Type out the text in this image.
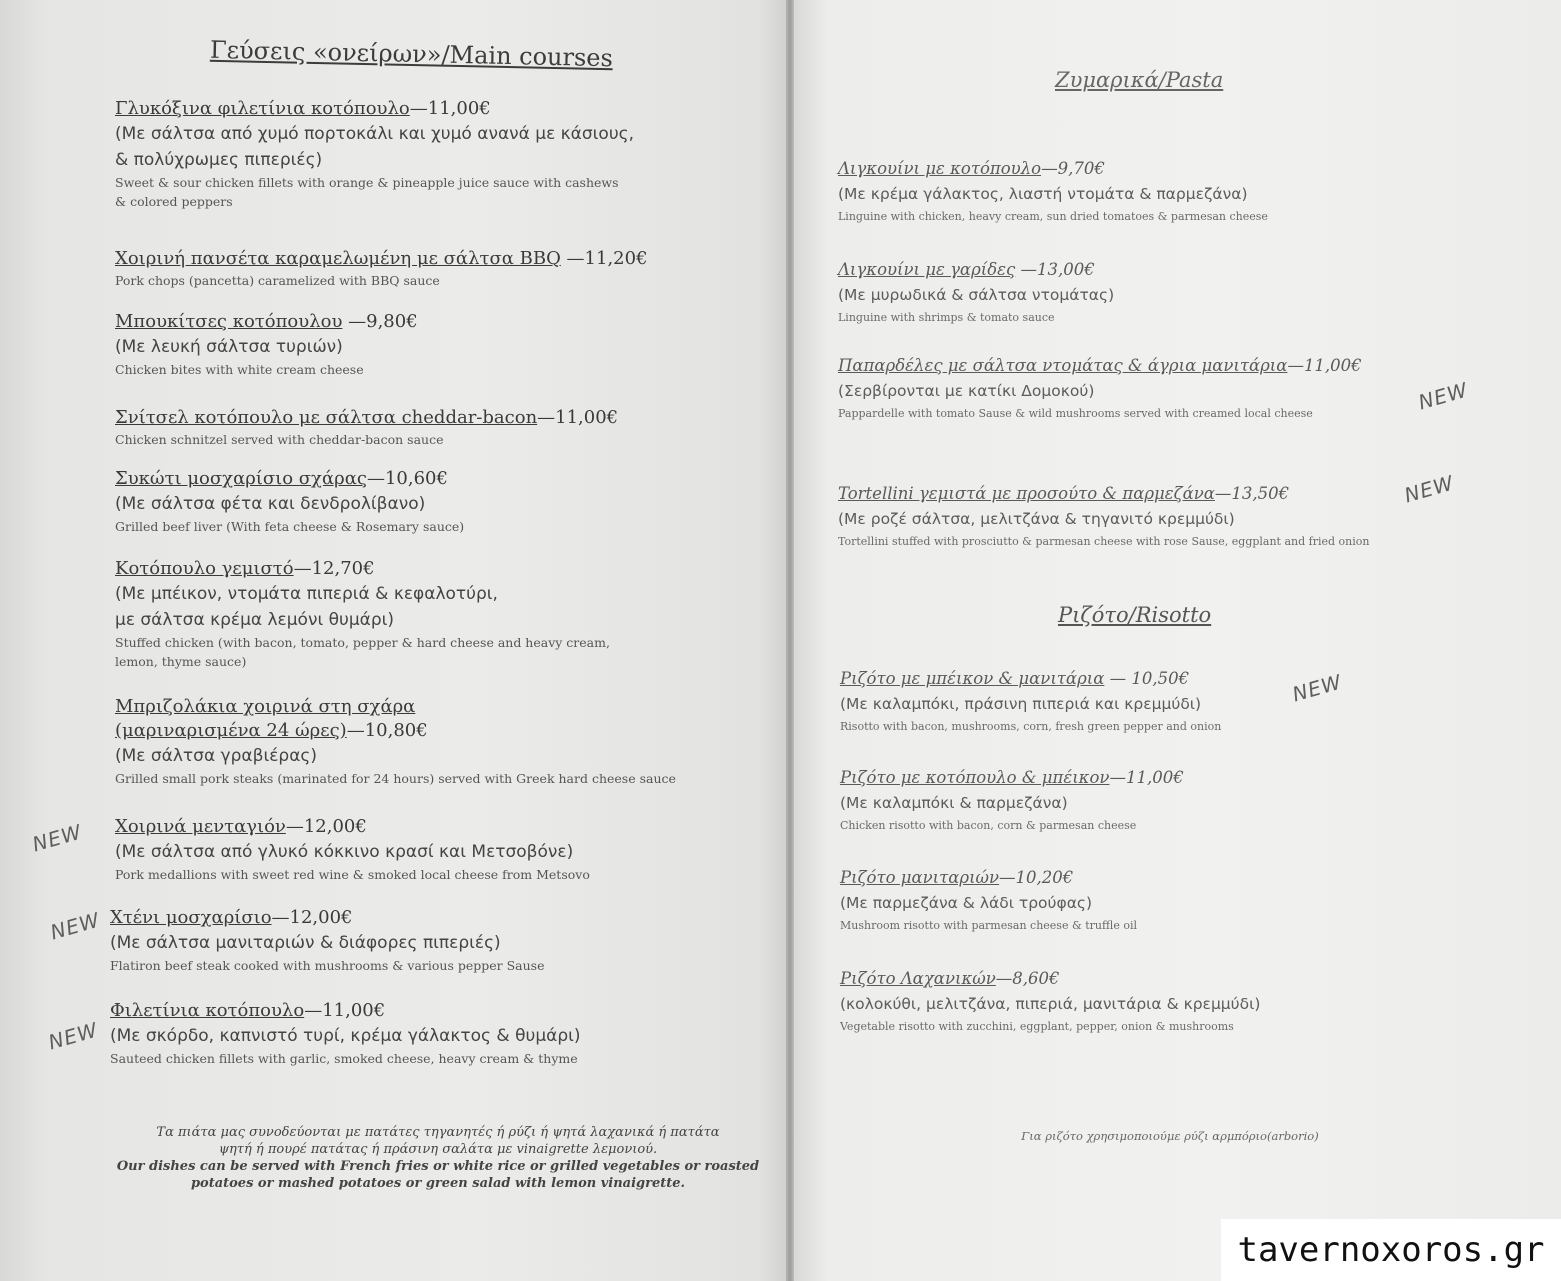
Γεύσεις «ονείρων»/Main courses
Γλυκόξινα φιλετίνια κοτόπουλο—11,00€
(Με σάλτσα από χυμό πορτοκάλι και χυμό ανανά με κάσιους,
& πολύχρωμες πιπεριές)
Sweet & sour chicken fillets with orange & pineapple juice sauce with cashews
& colored peppers
Χοιρινή πανσέτα καραμελωμένη με σάλτσα BBQ —11,20€
Pork chops (pancetta) caramelized with BBQ sauce
Μπουκίτσες κοτόπουλου —9,80€
(Με λευκή σάλτσα τυριών)
Chicken bites with white cream cheese
Σνίτσελ κοτόπουλο με σάλτσα cheddar-bacon—11,00€
Chicken schnitzel served with cheddar-bacon sauce
Συκώτι μοσχαρίσιο σχάρας—10,60€
(Με σάλτσα φέτα και δενδρολίβανο)
Grilled beef liver (With feta cheese & Rosemary sauce)
Κοτόπουλο γεμιστό—12,70€
(Με μπέικον, ντομάτα πιπεριά & κεφαλοτύρι,
με σάλτσα κρέμα λεμόνι θυμάρι)
Stuffed chicken (with bacon, tomato, pepper & hard cheese and heavy cream,
lemon, thyme sauce)
Μπριζολάκια χοιρινά στη σχάρα
(μαριναρισμένα 24 ώρες)—10,80€
(Με σάλτσα γραβιέρας)
Grilled small pork steaks (marinated for 24 hours) served with Greek hard cheese sauce
Χοιρινά μενταγιόν—12,00€
(Με σάλτσα από γλυκό κόκκινο κρασί και Μετσοβόνε)
Pork medallions with sweet red wine & smoked local cheese from Metsovo
Χτένι μοσχαρίσιο—12,00€
(Με σάλτσα μανιταριών & διάφορες πιπεριές)
Flatiron beef steak cooked with mushrooms & various pepper Sause
Φιλετίνια κοτόπουλο—11,00€
(Με σκόρδο, καπνιστό τυρί, κρέμα γάλακτος & θυμάρι)
Sauteed chicken fillets with garlic, smoked cheese, heavy cream & thyme
NEW
NEW
NEW
Τα πιάτα μας συνοδεύονται με πατάτες τηγανητές ή ρύζι ή ψητά λαχανικά ή πατάτα
ψητή ή πουρέ πατάτας ή πράσινη σαλάτα με vinaigrette λεμονιού.
Our dishes can be served with French fries or white rice or grilled vegetables or roasted
potatoes or mashed potatoes or green salad with lemon vinaigrette.
Ζυμαρικά/Pasta
Ριζότο/Risotto
Λιγκουίνι με κοτόπουλο—9,70€
(Με κρέμα γάλακτος, λιαστή ντομάτα & παρμεζάνα)
Linguine with chicken, heavy cream, sun dried tomatoes & parmesan cheese
Λιγκουίνι με γαρίδες —13,00€
(Με μυρωδικά & σάλτσα ντομάτας)
Linguine with shrimps & tomato sauce
Παπαρδέλες με σάλτσα ντομάτας & άγρια μανιτάρια—11,00€
(Σερβίρονται με κατίκι Δομοκού)
Pappardelle with tomato Sause & wild mushrooms served with creamed local cheese
Tortellini γεμιστά με προσούτο & παρμεζάνα—13,50€
(Με ροζέ σάλτσα, μελιτζάνα & τηγανιτό κρεμμύδι)
Tortellini stuffed with prosciutto & parmesan cheese with rose Sause, eggplant and fried onion
Ριζότο με μπέικον & μανιτάρια — 10,50€
(Με καλαμπόκι, πράσινη πιπεριά και κρεμμύδι)
Risotto with bacon, mushrooms, corn, fresh green pepper and onion
Ριζότο με κοτόπουλο & μπέικον—11,00€
(Με καλαμπόκι & παρμεζάνα)
Chicken risotto with bacon, corn & parmesan cheese
Ριζότο μανιταριών—10,20€
(Με παρμεζάνα & λάδι τρούφας)
Mushroom risotto with parmesan cheese & truffle oil
Ριζότο Λαχανικών—8,60€
(κολοκύθι, μελιτζάνα, πιπεριά, μανιτάρια & κρεμμύδι)
Vegetable risotto with zucchini, eggplant, pepper, onion & mushrooms
NEW
NEW
NEW
Για ριζότο χρησιμοποιούμε ρύζι αρμπόριο(arborio)
tavernoxoros.gr
